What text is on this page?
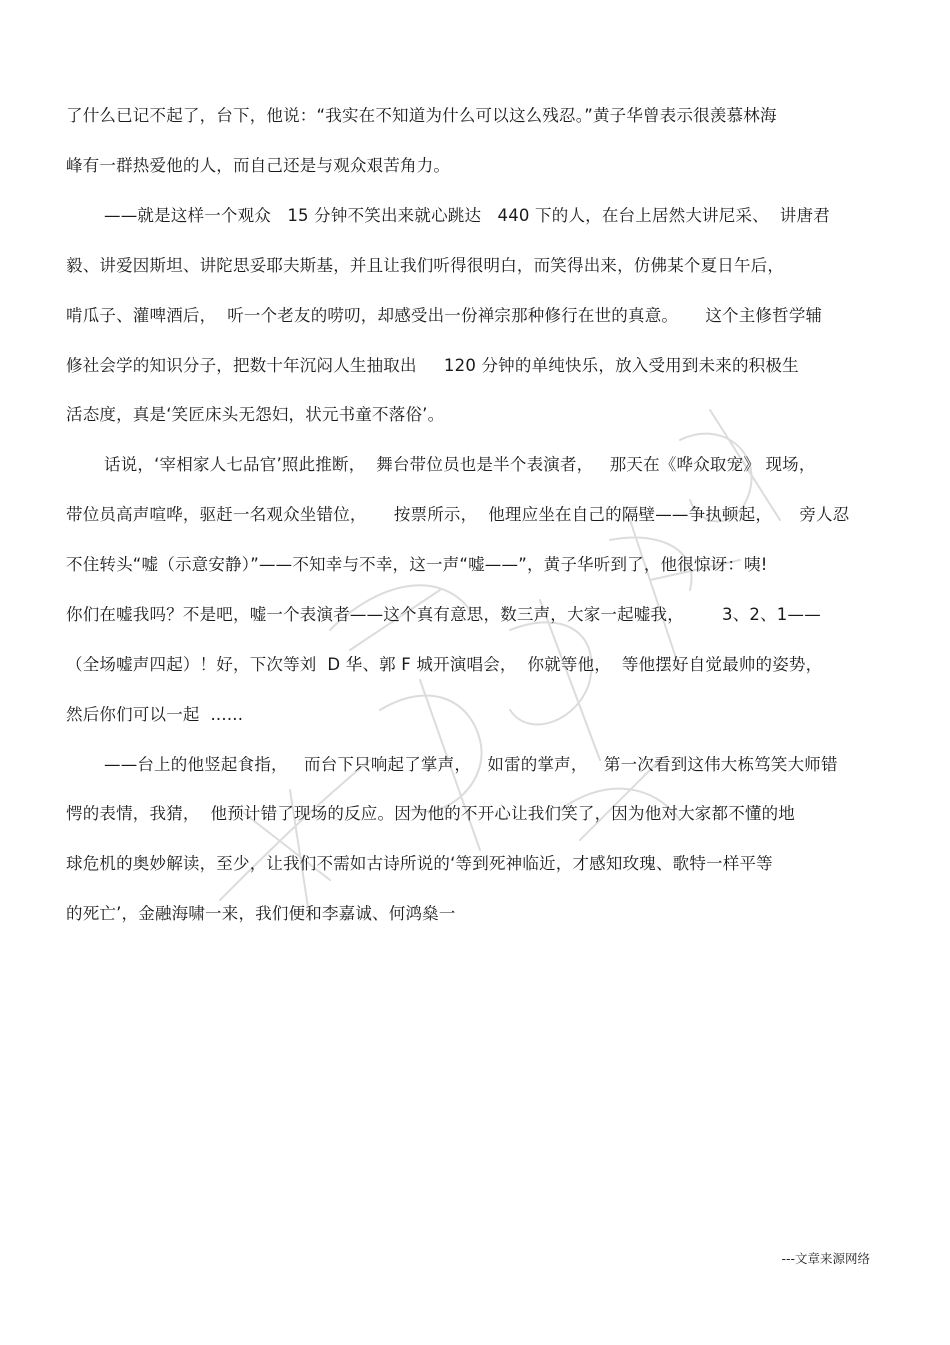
了什么已记不起了，台下，他说：“我实在不知道为什么可以这么残忍。”黄子华曾表示很羡慕林海
峰有一群热爱他的人，而自己还是与观众艰苦角力。
——就是这样一个观众   15 分钟不笑出来就心跳达   440 下的人，在台上居然大讲尼采、  讲唐君
毅、讲爱因斯坦、讲陀思妥耶夫斯基，并且让我们听得很明白，而笑得出来，仿佛某个夏日午后，
啃瓜子、灌啤酒后，  听一个老友的唠叨，却感受出一份禅宗那种修行在世的真意。     这个主修哲学辅
修社会学的知识分子，把数十年沉闷人生抽取出     120 分钟的单纯快乐，放入受用到未来的积极生
活态度，真是‘笑匠床头无怨妇，状元书童不落俗’。
话说，‘宰相家人七品官’照此推断，  舞台带位员也是半个表演者，   那天在《哗众取宠》 现场，
带位员高声喧哗，驱赶一名观众坐错位，     按票所示，  他理应坐在自己的隔壁——争执顿起，     旁人忍
不住转头“嘘（示意安静）”——不知幸与不幸，这一声“嘘——”，黄子华听到了，他很惊讶：咦!
你们在嘘我吗？不是吧，嘘一个表演者——这个真有意思，数三声，大家一起嘘我，       3、2、1——
（全场嘘声四起）！好，下次等刘  D 华、郭 F 城开演唱会，  你就等他，  等他摆好自觉最帅的姿势，
然后你们可以一起  ......
——台上的他竖起食指，   而台下只响起了掌声，   如雷的掌声，   第一次看到这伟大栋笃笑大师错
愕的表情，我猜，  他预计错了现场的反应。因为他的不开心让我们笑了，因为他对大家都不懂的地
球危机的奥妙解读，至少，让我们不需如古诗所说的‘等到死神临近，才感知玫瑰、歌特一样平等
的死亡’，金融海啸一来，我们便和李嘉诚、何鸿燊一
---文章来源网络
